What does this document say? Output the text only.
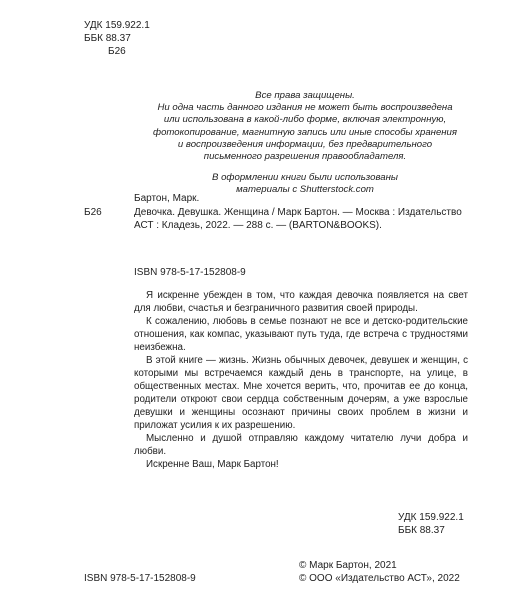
УДК 159.922.1
ББК 88.37
Б26

Все права защищены.

Ни одна часть данного издания не может быть воспроизведена

или использована в какой-либо форме, включая электронную,

фотокопирование, магнитную запись или иные способы хранения

и воспроизведения информации, без предварительного

письменного разрешения правообладателя.

В оформлении книги были использованы

материалы с Shutterstock.com

Бартон, Марк.
Б26	Девочка. Девушка. Женщина / Марк Бартон. — Москва : Издательство АСТ : Кладезь, 2022. — 288 с. — (BARTON&BOOKS).
ISBN 978-5-17-152808-9

Я искренне убежден в том, что каждая девочка появляется на свет для любви, счастья и безграничного развития своей природы.

К сожалению, любовь в семье познают не все и детско-родительские отношения, как компас, указывают путь туда, где встреча с трудностями неизбежна.

В этой книге — жизнь. Жизнь обычных девочек, девушек и женщин, с которыми мы встречаемся каждый день в транспорте, на улице, в общественных местах. Мне хочется верить, что, прочитав ее до конца, родители откроют свои сердца собственным дочерям, а уже взрослые девушки и женщины осознают причины своих проблем в жизни и приложат усилия к их разрешению.

Мысленно и душой отправляю каждому читателю лучи добра и любви.

Искренне Ваш, Марк Бартон!

УДК 159.922.1
ББК 88.37
© Марк Бартон, 2021
© ООО «Издательство АСТ», 2022
ISBN 978-5-17-152808-9
